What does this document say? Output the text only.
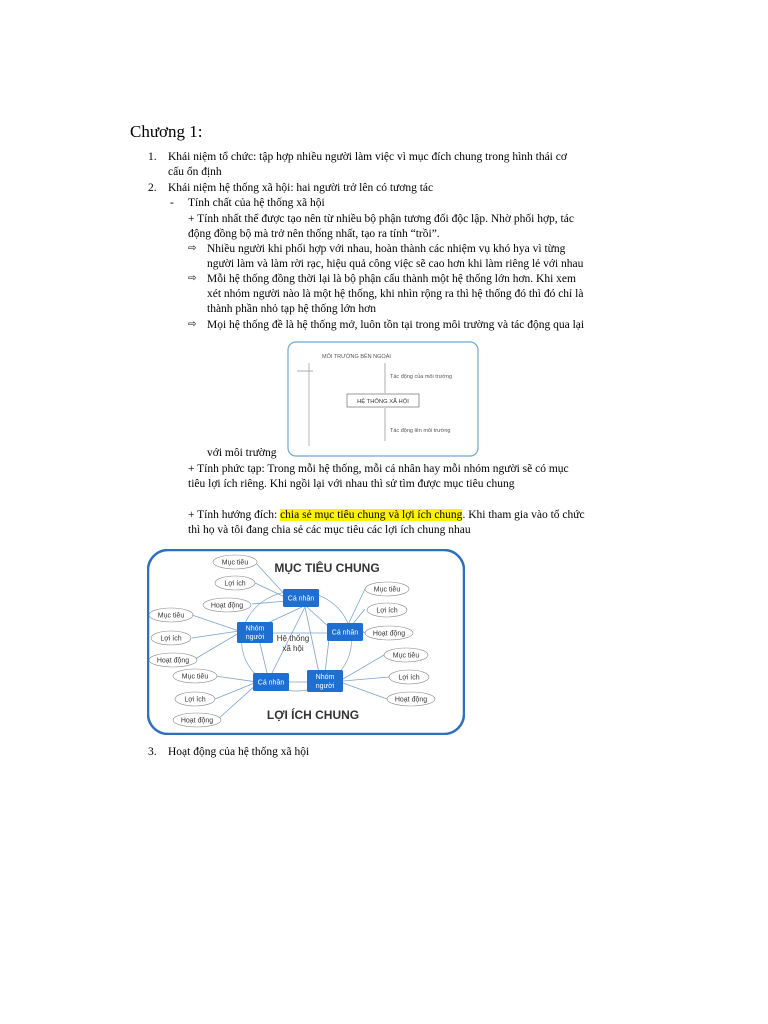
Chương 1:
1. Khái niệm tổ chức: tập hợp nhiều người làm việc vì mục đích chung trong hình thái cơ
cấu ổn định
2. Khái niệm hệ thống xã hội: hai người trở lên có tương tác
- Tính chất của hệ thống xã hội
+ Tính nhất thể được tạo nên từ nhiều bộ phận tương đối độc lập. Nhờ phối hợp, tác
động đồng bộ mà trở nên thống nhất, tạo ra tính “trồi”.
⇨ Nhiều người khi phối hợp với nhau, hoàn thành các nhiệm vụ khó hya vì từng
người làm và làm rời rạc, hiệu quả công việc sẽ cao hơn khi làm riêng lẻ với nhau
⇨ Mỗi hệ thống đồng thời lại là bộ phận cấu thành một hệ thống lớn hơn. Khi xem
xét nhóm người nào là một hệ thống, khi nhìn rộng ra thì hệ thống đó thì đó chỉ là
thành phần nhỏ tạp hệ thống lớn hơn
⇨ Mọi hệ thống đề là hệ thống mở, luôn tồn tại trong môi trường và tác động qua lại
MÔI TRƯỜNG BÊN NGOÀI
Tác động của môi trường
HỆ THỐNG XÃ HỘI
Tác động lên môi trường
với môi trường
+ Tính phức tạp: Trong mỗi hệ thống, mỗi cá nhân hay mỗi nhóm người sẽ có mục
tiêu lợi ích riêng. Khi ngồi lại với nhau thì sử tìm được mục tiêu chung
+ Tính hướng đích: chia sẻ mục tiêu chung và lợi ích chung. Khi tham gia vào tổ chức
thì họ và tôi đang chia sẻ các mục tiêu các lợi ích chung nhau
MỤC TIÊU CHUNG
LỢI ÍCH CHUNG
Mục tiêu
Lợi ích
Hoạt động
Mục tiêu
Lợi ích
Hoạt động
Mục tiêu
Lợi ích
Hoạt động
Mục tiêu
Lợi ích
Hoạt động
Mục tiêu
Lợi ích
Hoạt động
Cá nhân
Nhóm
người
Cá nhân
Cá nhân
Nhóm
người
Hệ thống
xã hội
3. Hoạt động của hệ thống xã hội
